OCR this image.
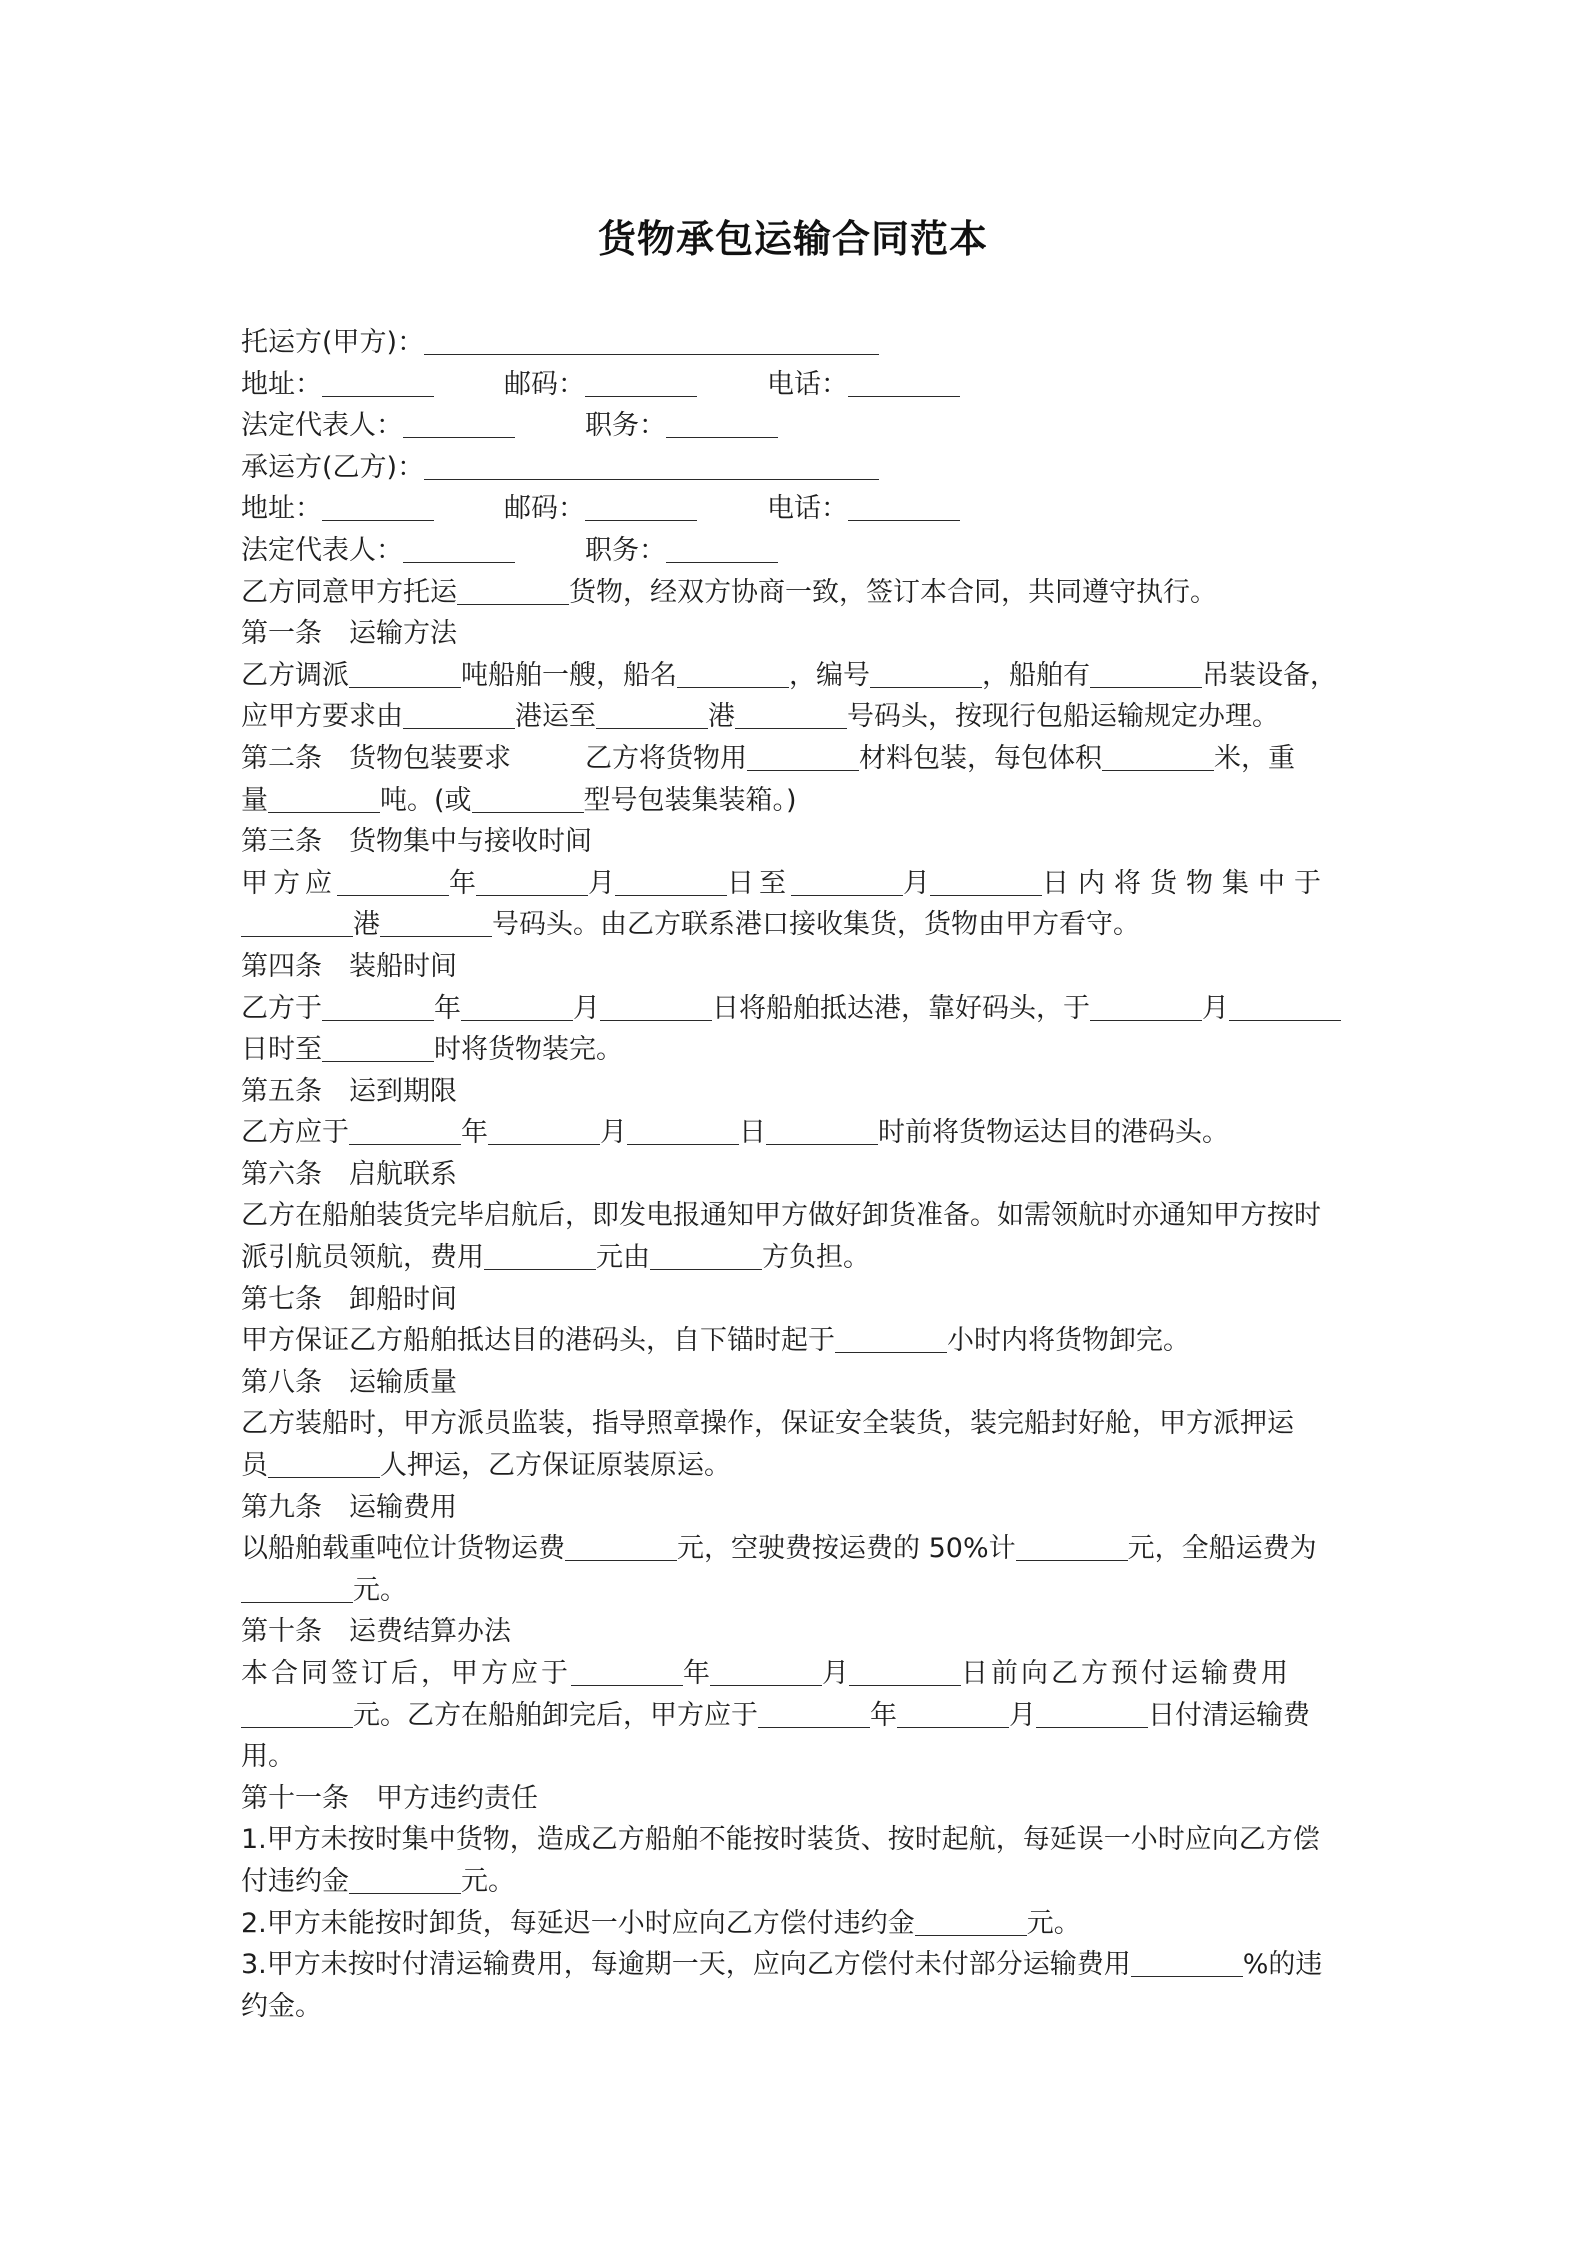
货物承包运输合同范本
托运方(甲方)：
地址：	邮码：	电话：
法定代表人：	职务：
承运方(乙方)：
地址：	邮码：	电话：
法定代表人：	职务：
乙方同意甲方托运	货物，经双方协商一致，签订本合同，共同遵守执行。
第一条　运输方法
乙方调派	吨船舶一艘，船名	，编号	，船舶有	吊装设备，
应甲方要求由	港运至	港	号码头，按现行包船运输规定办理。
第二条　货物包装要求	乙方将货物用	材料包装，每包体积	米，重
量	吨。(或	型号包装集装箱。)
第三条　货物集中与接收时间
甲方应	年	月	日至	月	日内将货物集中于
港	号码头。由乙方联系港口接收集货，货物由甲方看守。
第四条　装船时间
乙方于	年	月	日将船舶抵达港，靠好码头，于	月
日时至	时将货物装完。
第五条　运到期限
乙方应于	年	月	日	时前将货物运达目的港码头。
第六条　启航联系
乙方在船舶装货完毕启航后，即发电报通知甲方做好卸货准备。如需领航时亦通知甲方按时
派引航员领航，费用	元由	方负担。
第七条　卸船时间
甲方保证乙方船舶抵达目的港码头，自下锚时起于	小时内将货物卸完。
第八条　运输质量
乙方装船时，甲方派员监装，指导照章操作，保证安全装货，装完船封好舱，甲方派押运
员	人押运，乙方保证原装原运。
第九条　运输费用
以船舶载重吨位计货物运费	元，空驶费按运费的 50%计	元，全船运费为
元。
第十条　运费结算办法
本合同签订后，甲方应于	年	月	日前向乙方预付运输费用
元。乙方在船舶卸完后，甲方应于	年	月	日付清运输费
用。
第十一条　甲方违约责任
1.甲方未按时集中货物，造成乙方船舶不能按时装货、按时起航，每延误一小时应向乙方偿
付违约金	元。
2.甲方未能按时卸货，每延迟一小时应向乙方偿付违约金	元。
3.甲方未按时付清运输费用，每逾期一天，应向乙方偿付未付部分运输费用	%的违
约金。
